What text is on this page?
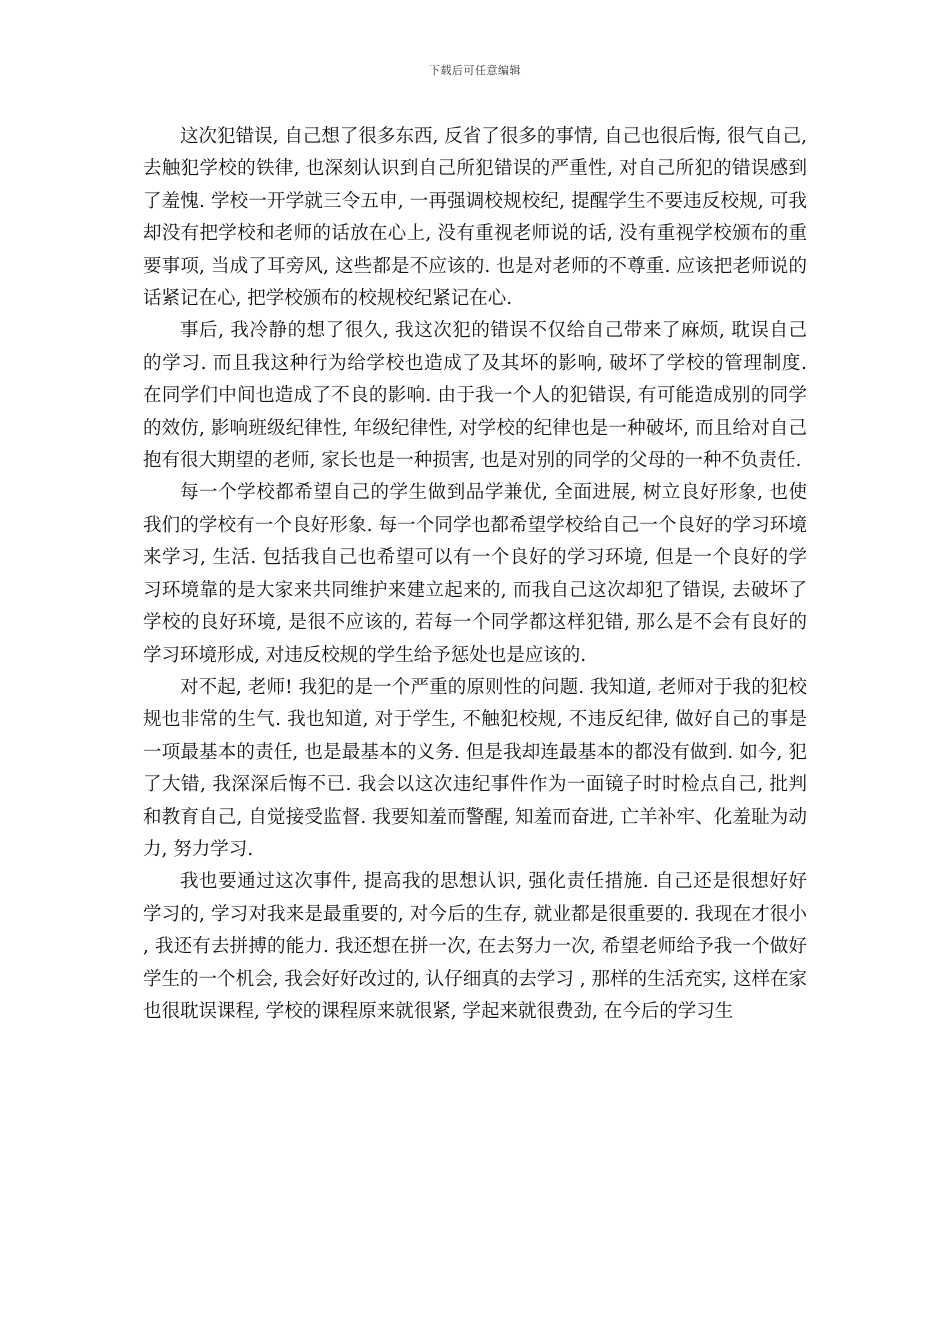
下载后可任意编辑

这次犯错误, 自己想了很多东西, 反省了很多的事情, 自己也很后悔, 很气自己, 去触犯学校的铁律, 也深刻认识到自己所犯错误的严重性, 对自己所犯的错误感到了羞愧. 学校一开学就三令五申, 一再强调校规校纪, 提醒学生不要违反校规, 可我却没有把学校和老师的话放在心上, 没有重视老师说的话, 没有重视学校颁布的重要事项, 当成了耳旁风, 这些都是不应该的. 也是对老师的不尊重. 应该把老师说的话紧记在心, 把学校颁布的校规校纪紧记在心.

事后, 我冷静的想了很久, 我这次犯的错误不仅给自己带来了麻烦, 耽误自己的学习. 而且我这种行为给学校也造成了及其坏的影响, 破坏了学校的管理制度. 在同学们中间也造成了不良的影响. 由于我一个人的犯错误, 有可能造成别的同学的效仿, 影响班级纪律性, 年级纪律性, 对学校的纪律也是一种破坏, 而且给对自己抱有很大期望的老师, 家长也是一种损害, 也是对别的同学的父母的一种不负责任.

每一个学校都希望自己的学生做到品学兼优, 全面进展, 树立良好形象, 也使我们的学校有一个良好形象. 每一个同学也都希望学校给自己一个良好的学习环境来学习, 生活. 包括我自己也希望可以有一个良好的学习环境, 但是一个良好的学习环境靠的是大家来共同维护来建立起来的, 而我自己这次却犯了错误, 去破坏了学校的良好环境, 是很不应该的, 若每一个同学都这样犯错, 那么是不会有良好的学习环境形成, 对违反校规的学生给予惩处也是应该的.

对不起, 老师! 我犯的是一个严重的原则性的问题. 我知道, 老师对于我的犯校规也非常的生气. 我也知道, 对于学生, 不触犯校规, 不违反纪律, 做好自己的事是一项最基本的责任, 也是最基本的义务. 但是我却连最基本的都没有做到. 如今, 犯了大错, 我深深后悔不已. 我会以这次违纪事件作为一面镜子时时检点自己, 批判和教育自己, 自觉接受监督. 我要知羞而警醒, 知羞而奋进, 亡羊补牢、化羞耻为动力, 努力学习.

我也要通过这次事件, 提高我的思想认识, 强化责任措施. 自己还是很想好好学习的, 学习对我来是最重要的, 对今后的生存, 就业都是很重要的. 我现在才很小 , 我还有去拼搏的能力. 我还想在拼一次, 在去努力一次, 希望老师给予我一个做好学生的一个机会, 我会好好改过的, 认仔细真的去学习 , 那样的生活充实, 这样在家也很耽误课程, 学校的课程原来就很紧, 学起来就很费劲, 在今后的学习生
